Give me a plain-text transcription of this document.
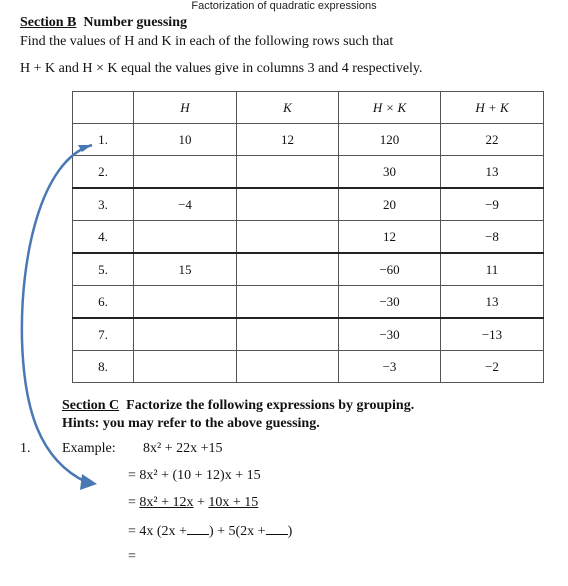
Factorization of quadratic expressions
Section B Number guessing
Find the values of H and K in each of the following rows such that
H + K and H × K equal the values give in columns 3 and 4 respectively.
	H	K	H × K	H + K
1.	10	12	120	22
2.			30	13
3.	−4		20	−9
4.			12	−8
5.	15		−60	11
6.			−30	13
7.			−30	−13
8.			−3	−2
Section C Factorize the following expressions by grouping.
Hints: you may refer to the above guessing.
1. Example: 8x² + 22x +15
= 8x² + (10 + 12)x + 15
= 8x² + 12x + 10x + 15
= 4x (2x + ) + 5(2x + )
=
